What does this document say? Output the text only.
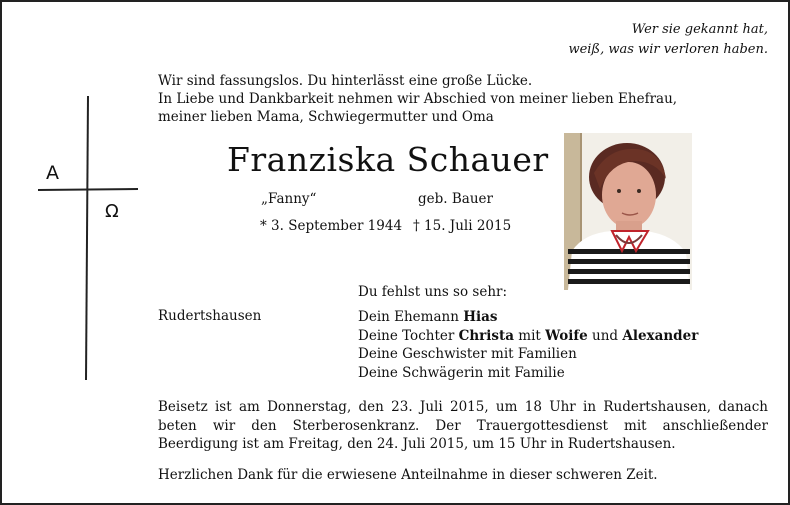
Wer sie gekannt hat,
weiß, was wir verloren haben.
Wir sind fassungslos. Du hinterlässt eine große Lücke.
In Liebe und Dankbarkeit nehmen wir Abschied von meiner lieben Ehefrau,
meiner lieben Mama, Schwiegermutter und Oma
A
Ω
Franziska Schauer
„Fanny“	geb. Bauer
* 3. September 1944 † 15. Juli 2015
Du fehlst uns so sehr:
Rudertshausen	Dein Ehemann Hias
Deine Tochter Christa mit Woife und Alexander
Deine Geschwister mit Familien
Deine Schwägerin mit Familie
Beisetz ist am Donnerstag, den 23. Juli 2015, um 18 Uhr in Rudertshausen, danach beten wir den Sterberosenkranz. Der Trauergottesdienst mit anschließender Beerdigung ist am Freitag, den 24. Juli 2015, um 15 Uhr in Rudertshausen.
Herzlichen Dank für die erwiesene Anteilnahme in dieser schweren Zeit.
